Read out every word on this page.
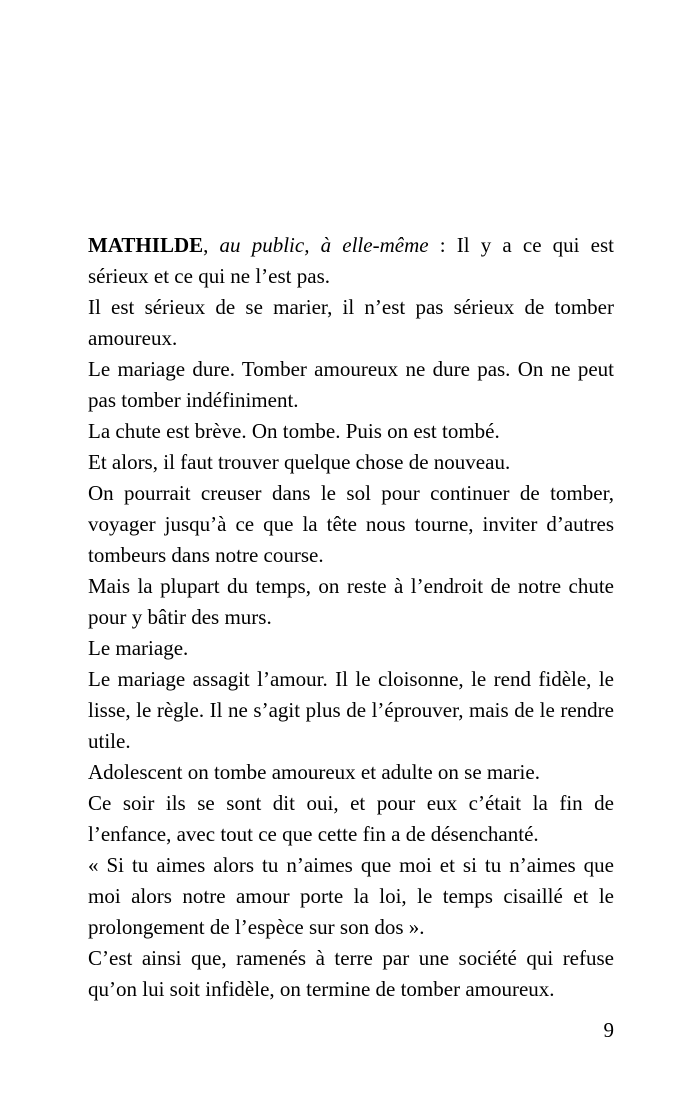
MATHILDE, au public, à elle-même : Il y a ce qui est sérieux et ce qui ne l’est pas.

Il est sérieux de se marier, il n’est pas sérieux de tomber amoureux.

Le mariage dure. Tomber amoureux ne dure pas. On ne peut pas tomber indéfiniment.

La chute est brève. On tombe. Puis on est tombé.

Et alors, il faut trouver quelque chose de nouveau.

On pourrait creuser dans le sol pour continuer de tomber, voyager jusqu’à ce que la tête nous tourne, inviter d’autres tombeurs dans notre course.

Mais la plupart du temps, on reste à l’endroit de notre chute pour y bâtir des murs.

Le mariage.

Le mariage assagit l’amour. Il le cloisonne, le rend fidèle, le lisse, le règle. Il ne s’agit plus de l’éprouver, mais de le rendre utile.

Adolescent on tombe amoureux et adulte on se marie.

Ce soir ils se sont dit oui, et pour eux c’était la fin de l’enfance, avec tout ce que cette fin a de désenchanté.

« Si tu aimes alors tu n’aimes que moi et si tu n’aimes que moi alors notre amour porte la loi, le temps cisaillé et le prolongement de l’espèce sur son dos ».

C’est ainsi que, ramenés à terre par une société qui refuse qu’on lui soit infidèle, on termine de tomber amoureux.

9
